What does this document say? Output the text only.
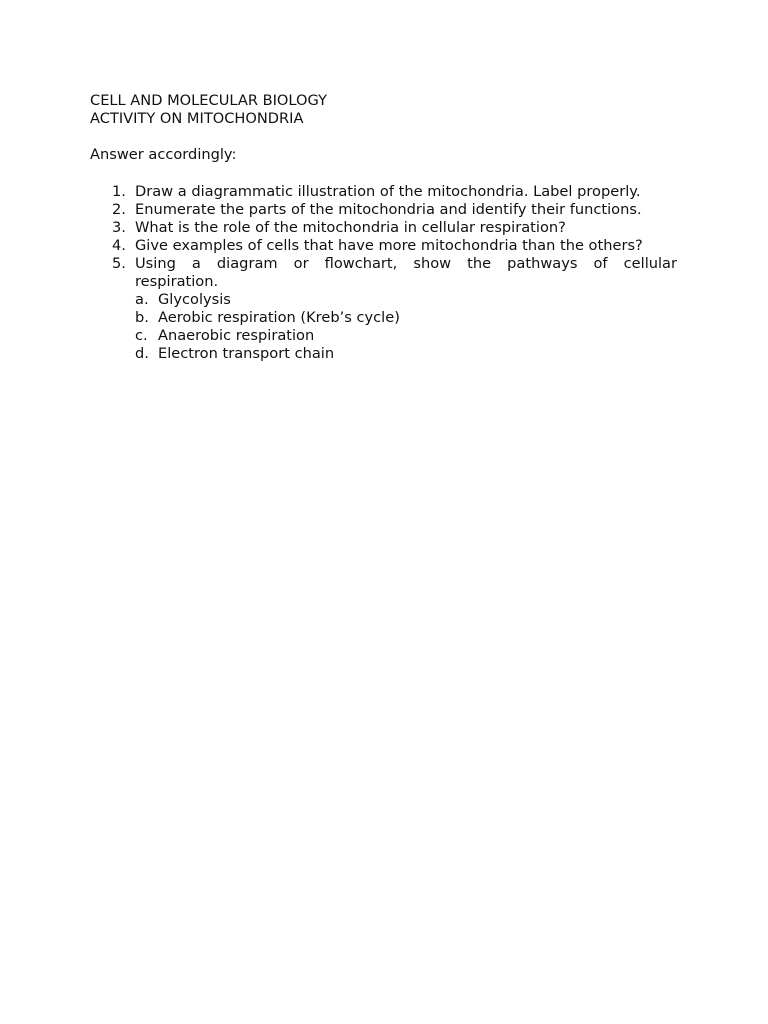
CELL AND MOLECULAR BIOLOGY
ACTIVITY ON MITOCHONDRIA
Answer accordingly:
1. Draw a diagrammatic illustration of the mitochondria. Label properly.
2. Enumerate the parts of the mitochondria and identify their functions.
3. What is the role of the mitochondria in cellular respiration?
4. Give examples of cells that have more mitochondria than the others?
5. Using a diagram or flowchart, show the pathways of cellular
respiration.
a. Glycolysis
b. Aerobic respiration (Kreb’s cycle)
c. Anaerobic respiration
d. Electron transport chain
